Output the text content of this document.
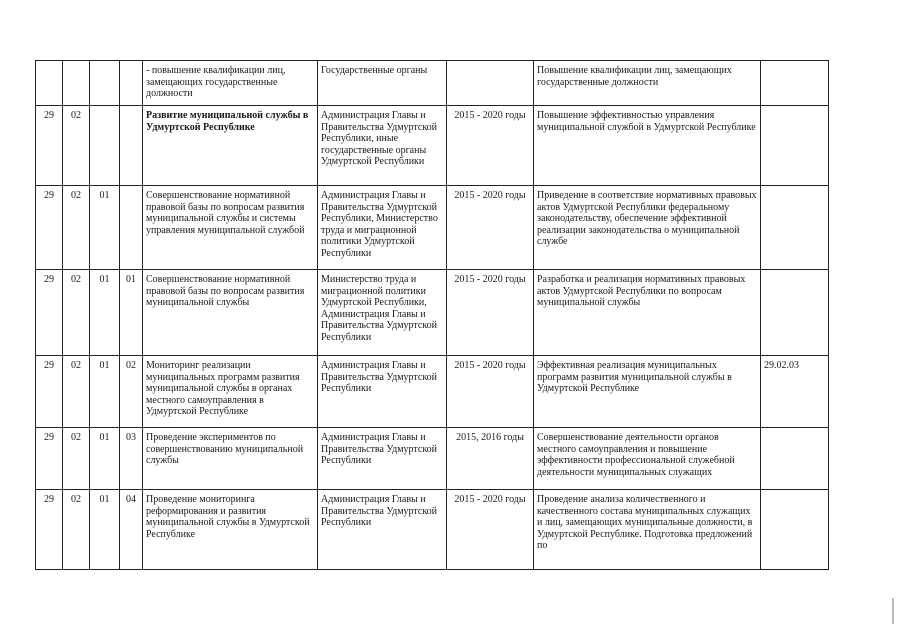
				- повышение квалификации лиц, замещающих государственные должности	Государственные органы		Повышение квалификации лиц, замещающих государственные должности	
29	02			Развитие муниципальной службы в Удмуртской Республике	Администрация Главы и Правительства Удмуртской Республики, иные государственные органы Удмуртской Республики	2015 - 2020 годы	Повышение эффективностью управления муниципальной службой в Удмуртской Республике	
29	02	01		Совершенствование нормативной правовой базы по вопросам развития муниципальной службы и системы управления муниципальной службой	Администрация Главы и Правительства Удмуртской Республики, Министерство труда и миграционной политики Удмуртской Республики	2015 - 2020 годы	Приведение в соответствие нормативных правовых актов Удмуртской Республики федеральному законодательству, обеспечение эффективной реализации законодательства о муниципальной службе	
29	02	01	01	Совершенствование нормативной правовой базы по вопросам развития муниципальной службы	Министерство труда и миграционной политики Удмуртской Республики, Администрация Главы и Правительства Удмуртской Республики	2015 - 2020 годы	Разработка и реализация нормативных правовых актов Удмуртской Республики по вопросам муниципальной службы	
29	02	01	02	Мониторинг реализации муниципальных программ развития муниципальной службы в органах местного самоуправления в Удмуртской Республике	Администрация Главы и Правительства Удмуртской Республики	2015 - 2020 годы	Эффективная реализация муниципальных программ развития муниципальной службы в Удмуртской Республике	29.02.03
29	02	01	03	Проведение экспериментов по совершенствованию муниципальной службы	Администрация Главы и Правительства Удмуртской Республики	2015, 2016 годы	Совершенствование деятельности органов местного самоуправления и повышение эффективности профессиональной служебной деятельности муниципальных служащих	
29	02	01	04	Проведение мониторинга реформирования и развития муниципальной службы в Удмуртской Республике	Администрация Главы и Правительства Удмуртской Республики	2015 - 2020 годы	Проведение анализа количественного и качественного состава муниципальных служащих и лиц, замещающих муниципальные должности, в Удмуртской Республике. Подготовка предложений по	
